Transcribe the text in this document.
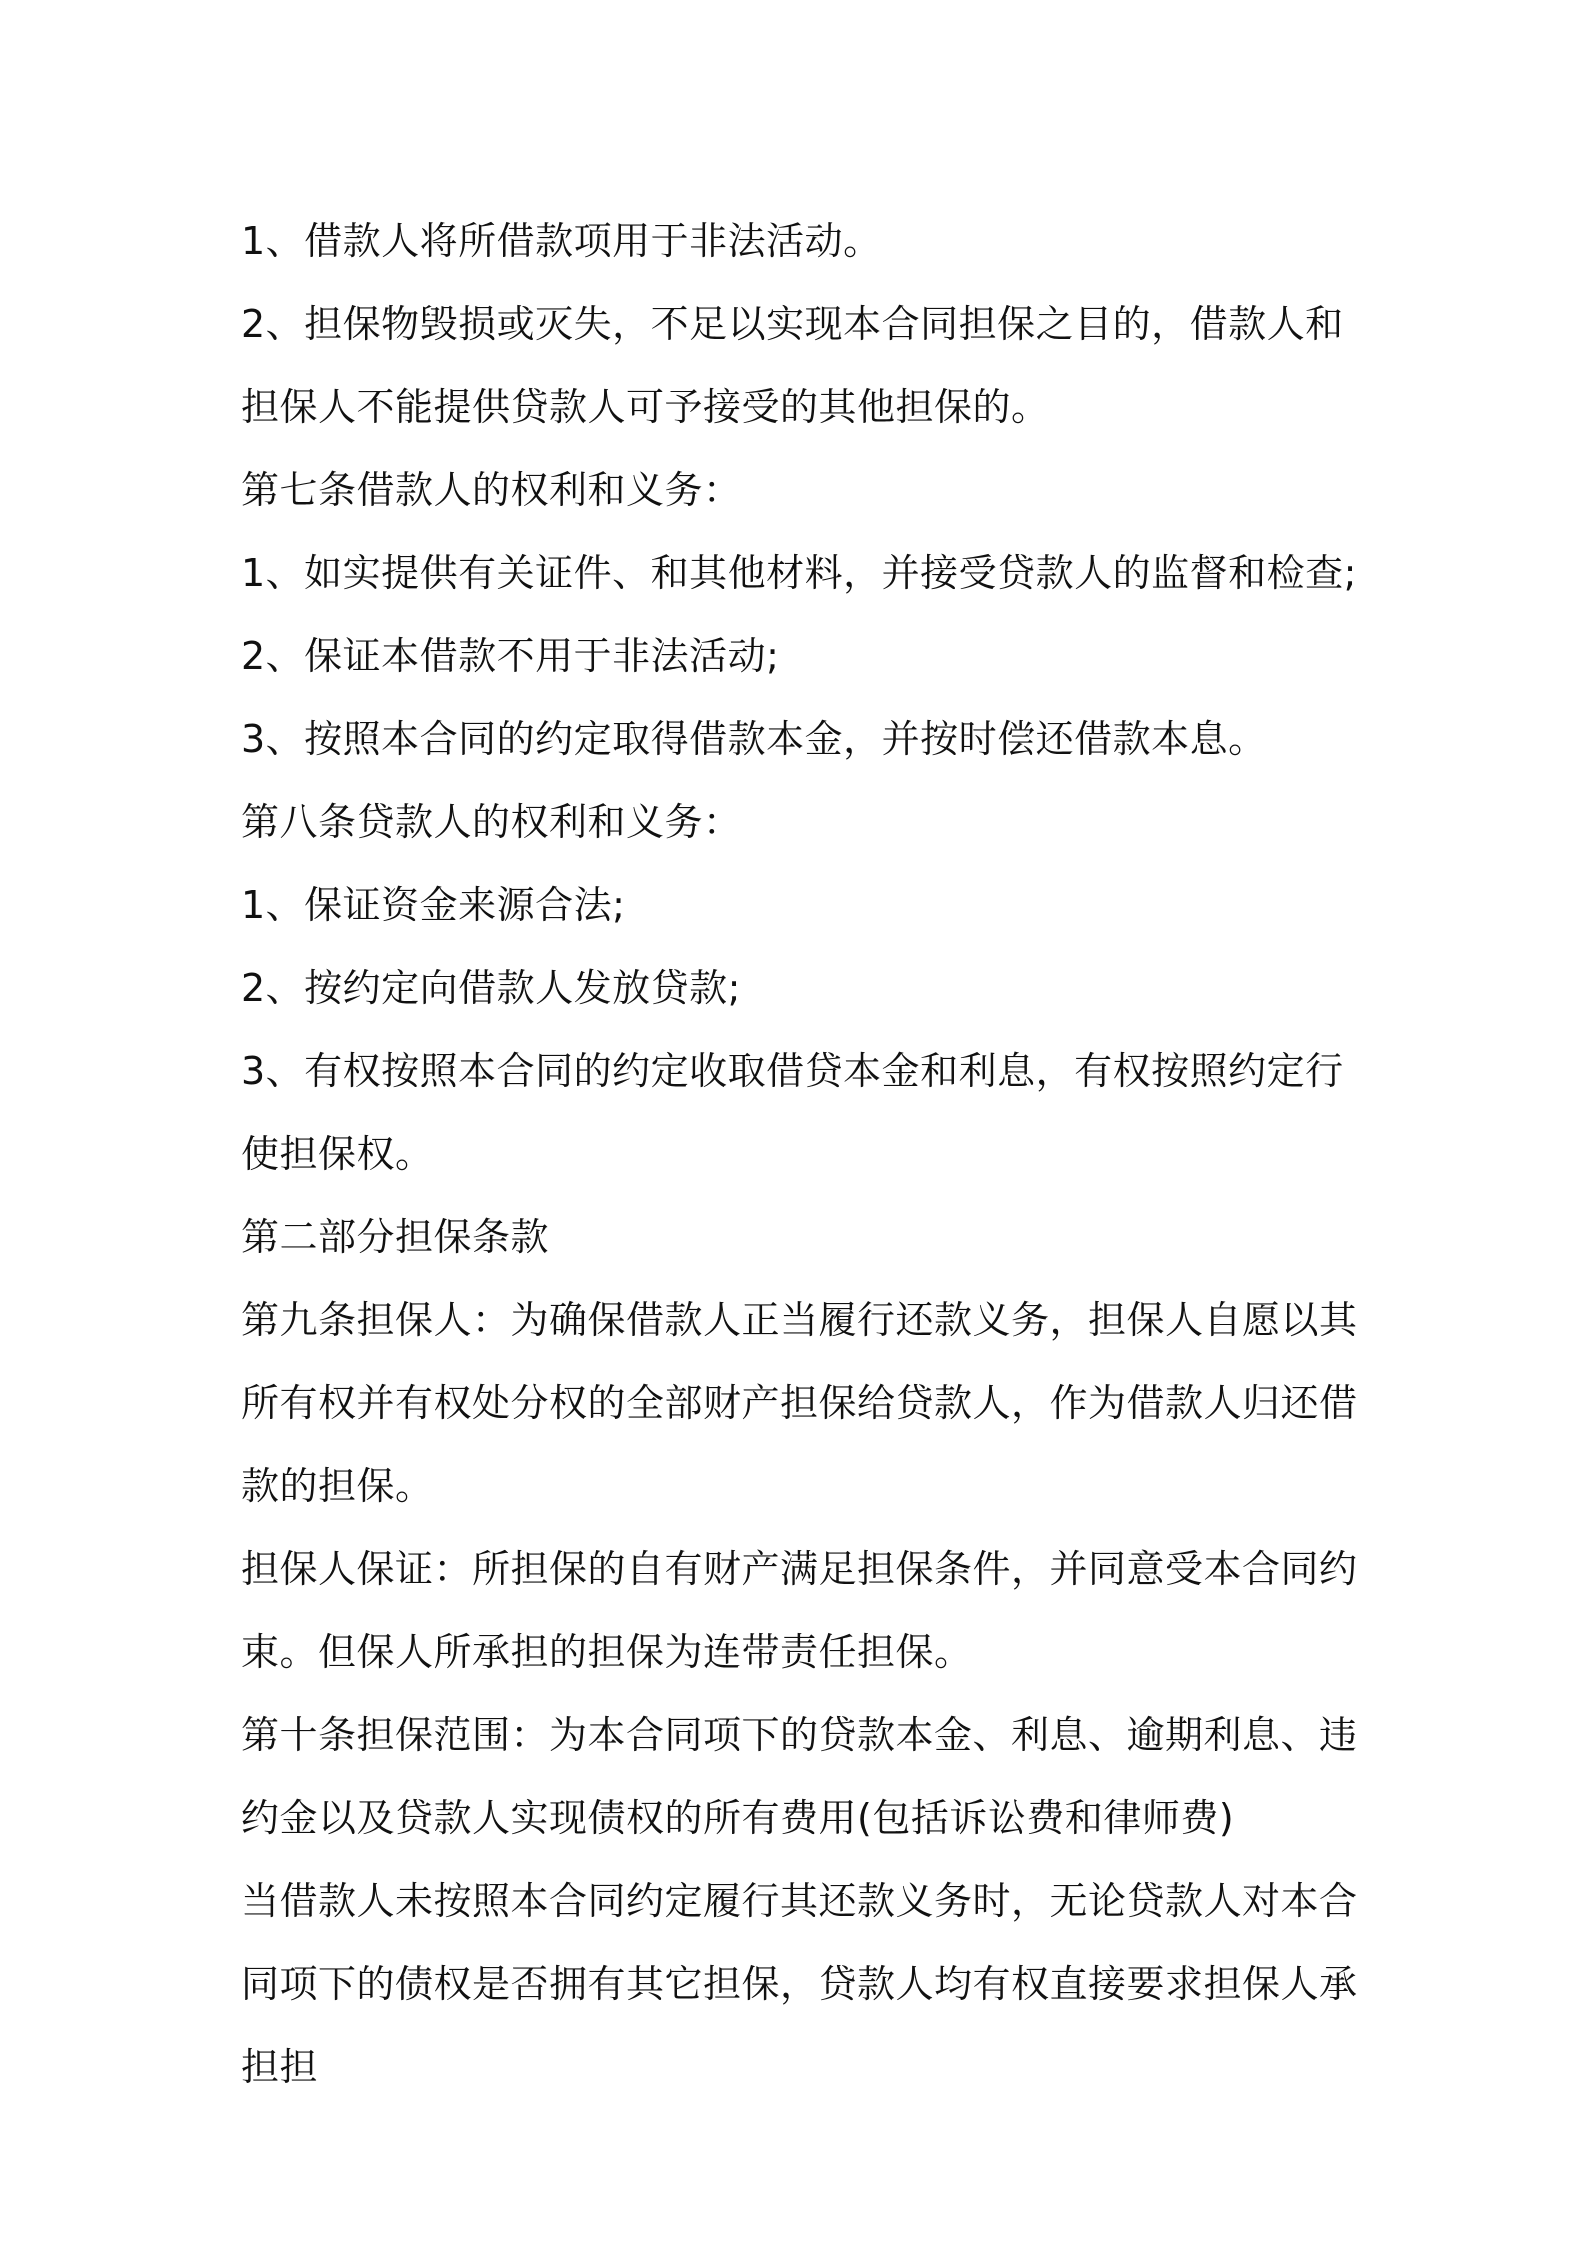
1、借款人将所借款项用于非法活动。

2、担保物毁损或灭失，不足以实现本合同担保之目的，借款人和担保人不能提供贷款人可予接受的其他担保的。

第七条借款人的权利和义务：

1、如实提供有关证件、和其他材料，并接受贷款人的监督和检查;

2、保证本借款不用于非法活动;

3、按照本合同的约定取得借款本金，并按时偿还借款本息。

第八条贷款人的权利和义务：

1、保证资金来源合法;

2、按约定向借款人发放贷款;

3、有权按照本合同的约定收取借贷本金和利息，有权按照约定行使担保权。

第二部分担保条款

第九条担保人：为确保借款人正当履行还款义务，担保人自愿以其所有权并有权处分权的全部财产担保给贷款人，作为借款人归还借款的担保。

担保人保证：所担保的自有财产满足担保条件，并同意受本合同约束。但保人所承担的担保为连带责任担保。

第十条担保范围：为本合同项下的贷款本金、利息、逾期利息、违约金以及贷款人实现债权的所有费用(包括诉讼费和律师费)

当借款人未按照本合同约定履行其还款义务时，无论贷款人对本合同项下的债权是否拥有其它担保，贷款人均有权直接要求担保人承担担
